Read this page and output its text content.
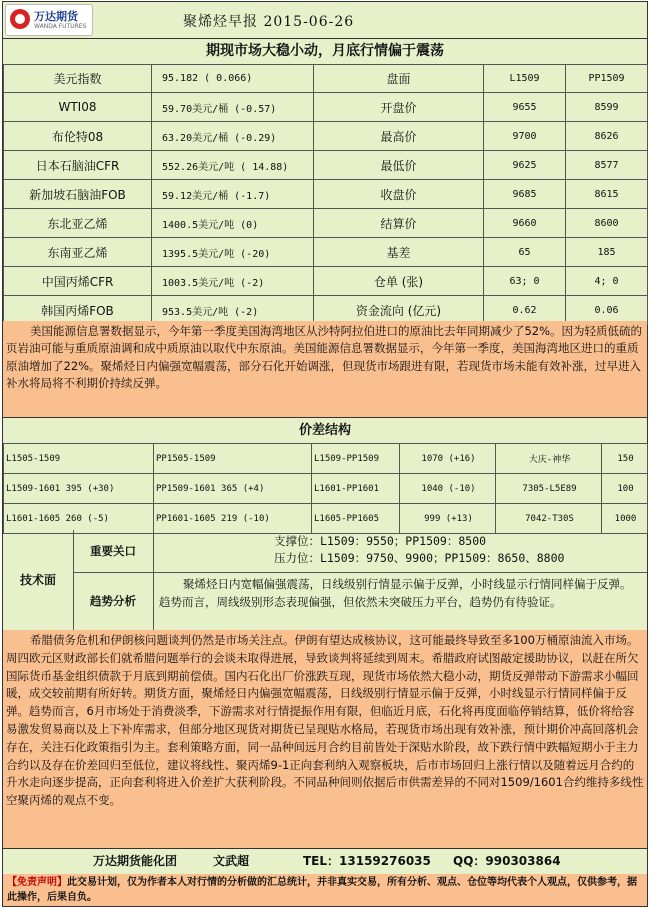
万达期货
WANDA FUTURES	聚烯烃早报 2015-06-26
期现市场大稳小动，月底行情偏于震荡
美元指数	95.182 ( 0.066)	盘面	L1509	PP1509
WTI08	59.70美元/桶 (-0.57)	开盘价	9655	8599
布伦特08	63.20美元/桶 (-0.29)	最高价	9700	8626
日本石脑油CFR	552.26美元/吨 ( 14.88)	最低价	9625	8577
新加坡石脑油FOB	59.12美元/桶 (-1.7)	收盘价	9685	8615
东北亚乙烯	1400.5美元/吨 (0)	结算价	9660	8600
东南亚乙烯	1395.5美元/吨 (-20)	基差	65	185
中国丙烯CFR	1003.5美元/吨 (-2)	仓单 (张)	63; 0	4; 0
韩国丙烯FOB	953.5美元/吨 (-2)	资金流向 (亿元)	0.62	0.06
美国能源信息署数据显示，今年第一季度美国海湾地区从沙特阿拉伯进口的原油比去年同期减少了52%。因为轻质低硫的页岩油可能与重质原油调和成中质原油以取代中东原油。美国能源信息署数据显示，今年第一季度，美国海湾地区进口的重质原油增加了22%。聚烯烃日内偏强宽幅震荡，部分石化开始调涨，但现货市场跟进有限，若现货市场未能有效补涨，过早进入补水将局将不利期价持续反弹。
价差结构
L1505-1509	PP1505-1509	L1509-PP1509	1070 (+16)	大庆-神华	150
L1509-1601 395 (+30)	PP1509-1601 365 (+4)	L1601-PP1601	1040 (-10)	7305-L5E89	100
L1601-1605 260 (-5)	PP1601-1605 219 (-10)	L1605-PP1605	999 (+13)	7042-T30S	1000
技术面
重要关口
支撑位：L1509：9550；PP1509：8500
压力位：L1509：9750、9900；PP1509：8650、8800
趋势分析
聚烯烃日内宽幅偏强震荡，日线级别行情显示偏于反弹，小时线显示行情同样偏于反弹。趋势而言，周线级别形态表现偏强，但依然未突破压力平台，趋势仍有待验证。
希腊债务危机和伊朗核问题谈判仍然是市场关注点。伊朗有望达成核协议，这可能最终导致至多100万桶原油流入市场。周四欧元区财政部长们就希腊问题举行的会谈未取得进展，导致谈判将延续到周末。希腊政府试图敲定援助协议，以赶在所欠国际货币基金组织债款于月底到期前偿债。国内石化出厂价涨跌互现，现货市场依然大稳小动，期货反弹带动下游需求小幅回暖，成交较前期有所好转。期货方面，聚烯烃日内偏强宽幅震荡，日线级别行情显示偏于反弹，小时线显示行情同样偏于反弹。趋势而言，6月市场处于消费淡季，下游需求对行情提振作用有限，但临近月底，石化将再度面临停销结算，低价将给容易激发贸易商以及上下补库需求，但部分地区现货对期货已呈现贴水格局，若现货市场出现有效补涨，预计期价冲高回落机会存在，关注石化政策指引为主。套利策略方面，同一品种间远月合约目前皆处于深贴水阶段，故下跌行情中跌幅短期小于主力合约以及存在价差回归至低位，建议将线性、聚丙烯9-1正向套利纳入观察板块，后市市场回归上涨行情以及随着远月合约的升水走向逐步提高，正向套利将进入价差扩大获利阶段。不同品种间则依据后市供需差异的不同对1509/1601合约维持多线性空聚丙烯的观点不变。
万达期货能化团	文武超	TEL：13159276035 QQ：990303864
【免责声明】此交易计划，仅为作者本人对行情的分析做的汇总统计，并非真实交易，所有分析、观点、仓位等均代表个人观点，仅供参考，据此操作，后果自负。
